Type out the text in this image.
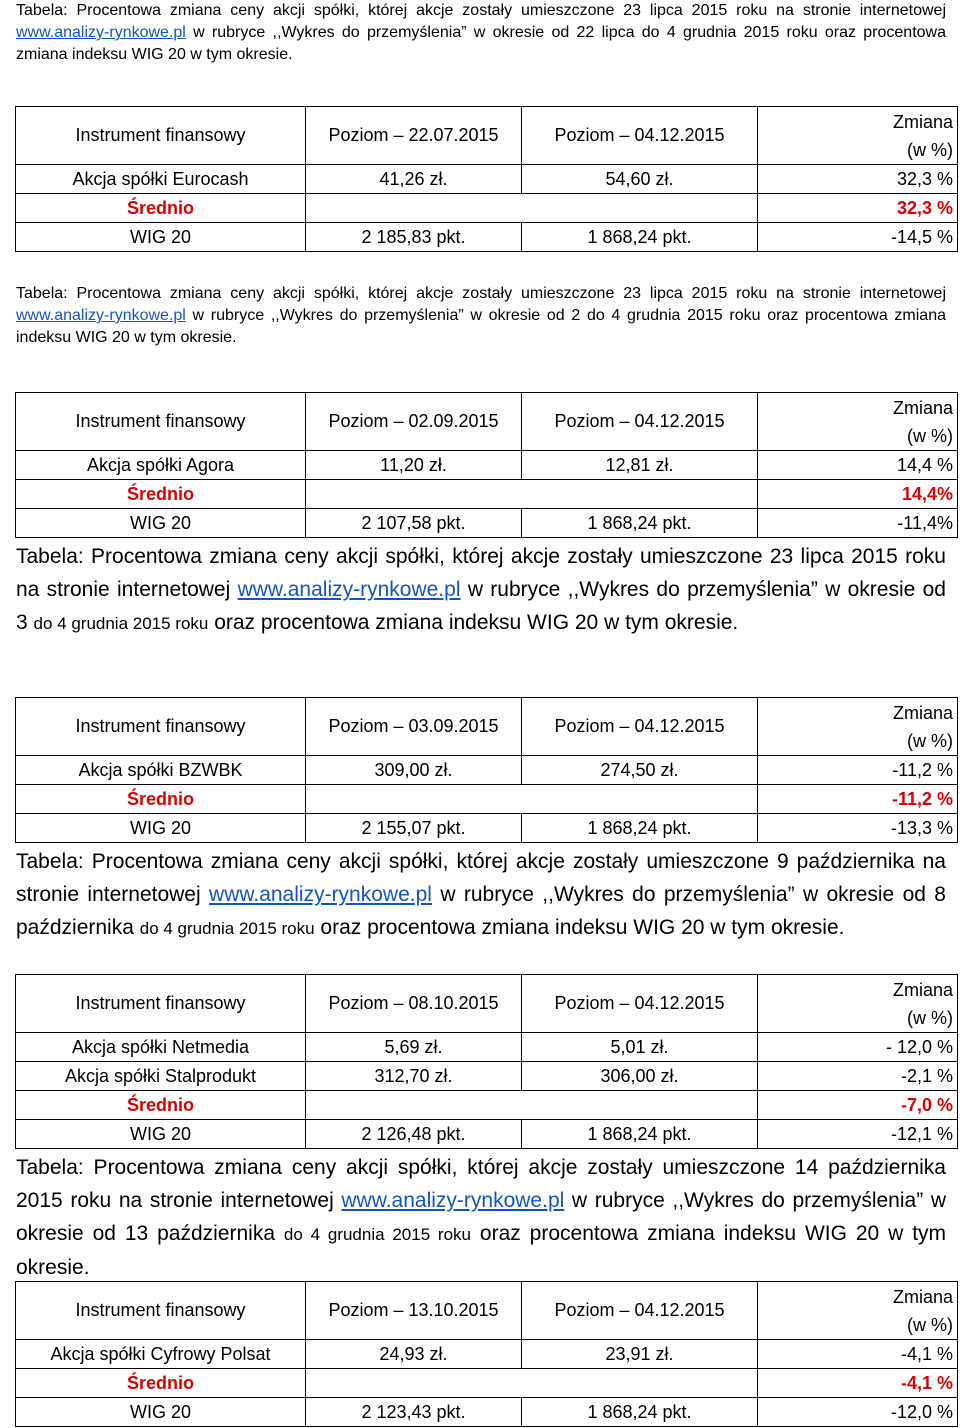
Tabela: Procentowa zmiana ceny akcji spółki, której akcje zostały umieszczone 23 lipca 2015 roku na stronie internetowej www.analizy-rynkowe.pl w rubryce ,,Wykres do przemyślenia” w okresie od 22 lipca do 4 grudnia 2015 roku oraz procentowa zmiana indeksu WIG 20 w tym okresie.
Instrument finansowy	Poziom – 22.07.2015	Poziom – 04.12.2015	Zmiana
(w %)
Akcja spółki Eurocash	41,26 zł.	54,60 zł.	32,3 %
Średnio			32,3 %
WIG 20	2 185,83 pkt.	1 868,24 pkt.	-14,5 %
Tabela: Procentowa zmiana ceny akcji spółki, której akcje zostały umieszczone 23 lipca 2015 roku na stronie internetowej www.analizy-rynkowe.pl w rubryce ,,Wykres do przemyślenia” w okresie od 2 do 4 grudnia 2015 roku oraz procentowa zmiana indeksu WIG 20 w tym okresie.
Instrument finansowy	Poziom – 02.09.2015	Poziom – 04.12.2015	Zmiana
(w %)
Akcja spółki Agora	11,20 zł.	12,81 zł.	14,4 %
Średnio			14,4%
WIG 20	2 107,58 pkt.	1 868,24 pkt.	-11,4%
Tabela: Procentowa zmiana ceny akcji spółki, której akcje zostały umieszczone 23 lipca 2015 roku na stronie internetowej www.analizy-rynkowe.pl w rubryce ,,Wykres do przemyślenia” w okresie od 3 do 4 grudnia 2015 roku oraz procentowa zmiana indeksu WIG 20 w tym okresie.
Instrument finansowy	Poziom – 03.09.2015	Poziom – 04.12.2015	Zmiana
(w %)
Akcja spółki BZWBK	309,00 zł.	274,50 zł.	-11,2 %
Średnio			-11,2 %
WIG 20	2 155,07 pkt.	1 868,24 pkt.	-13,3 %
Tabela: Procentowa zmiana ceny akcji spółki, której akcje zostały umieszczone 9 października na stronie internetowej www.analizy-rynkowe.pl w rubryce ,,Wykres do przemyślenia” w okresie od 8 października do 4 grudnia 2015 roku oraz procentowa zmiana indeksu WIG 20 w tym okresie.
Instrument finansowy	Poziom – 08.10.2015	Poziom – 04.12.2015	Zmiana
(w %)
Akcja spółki Netmedia	5,69 zł.	5,01 zł.	- 12,0 %
Akcja spółki Stalprodukt	312,70 zł.	306,00 zł.	-2,1 %
Średnio			-7,0 %
WIG 20	2 126,48 pkt.	1 868,24 pkt.	-12,1 %
Tabela: Procentowa zmiana ceny akcji spółki, której akcje zostały umieszczone 14 października 2015 roku na stronie internetowej www.analizy-rynkowe.pl w rubryce ,,Wykres do przemyślenia” w okresie od 13 października do 4 grudnia 2015 roku oraz procentowa zmiana indeksu WIG 20 w tym okresie.
Instrument finansowy	Poziom – 13.10.2015	Poziom – 04.12.2015	Zmiana
(w %)
Akcja spółki Cyfrowy Polsat	24,93 zł.	23,91 zł.	-4,1 %
Średnio			-4,1 %
WIG 20	2 123,43 pkt.	1 868,24 pkt.	-12,0 %
